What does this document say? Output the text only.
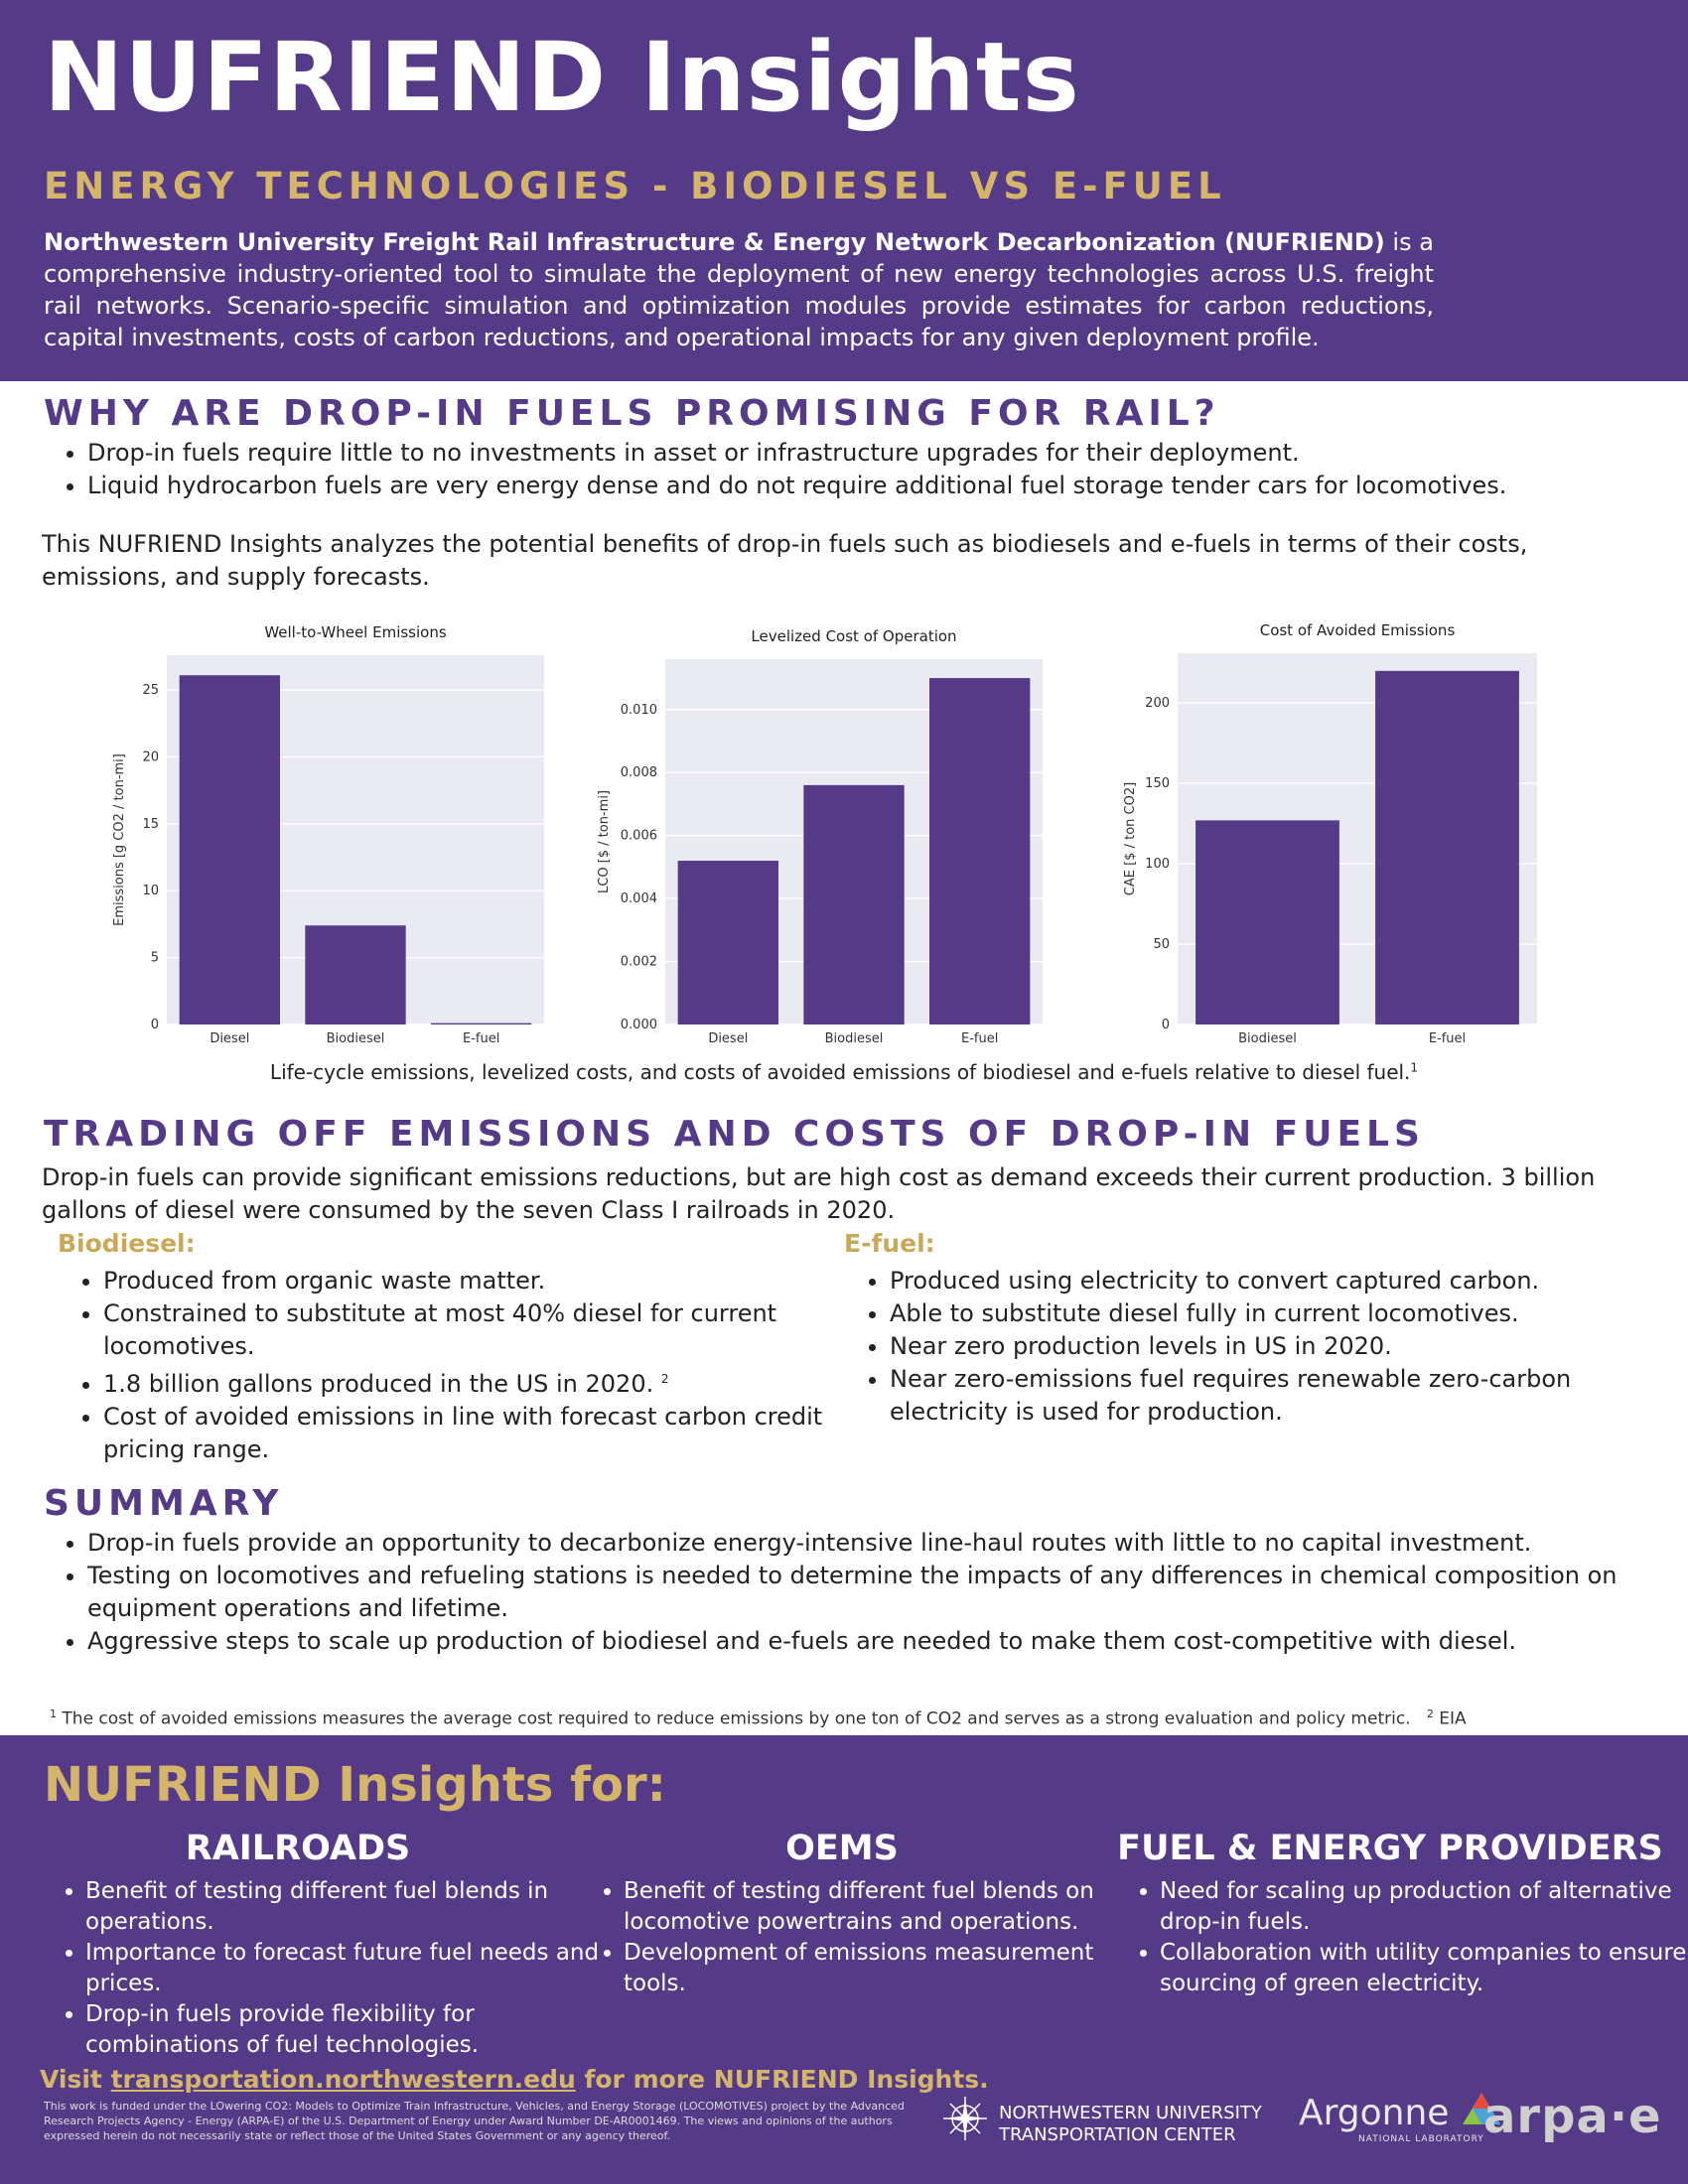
NUFRIEND Insights
ENERGY TECHNOLOGIES - BIODIESEL VS E-FUEL
Northwestern University Freight Rail Infrastructure & Energy Network Decarbonization (NUFRIEND) is a comprehensive industry-oriented tool to simulate the deployment of new energy technologies across U.S. freight rail networks. Scenario-specific simulation and optimization modules provide estimates for carbon reductions, capital investments, costs of carbon reductions, and operational impacts for any given deployment profile.
WHY ARE DROP-IN FUELS PROMISING FOR RAIL?
• Drop-in fuels require little to no investments in asset or infrastructure upgrades for their deployment.
• Liquid hydrocarbon fuels are very energy dense and do not require additional fuel storage tender cars for locomotives.
This NUFRIEND Insights analyzes the potential benefits of drop-in fuels such as biodiesels and e-fuels in terms of their costs, emissions, and supply forecasts.
Well-to-Wheel Emissions
0
5
10
15
20
25
Diesel	Biodiesel	E-fuel
Emissions [g CO2 / ton-mi]
Levelized Cost of Operation
0.000
0.002
0.004
0.006
0.008
0.010
Diesel	Biodiesel	E-fuel
LCO [$ / ton-mi]
Cost of Avoided Emissions
0
50
100
150
200
Biodiesel	E-fuel
CAE [$ / ton CO2]
Life-cycle emissions, levelized costs, and costs of avoided emissions of biodiesel and e-fuels relative to diesel fuel.$^1$
TRADING OFF EMISSIONS AND COSTS OF DROP-IN FUELS
Drop-in fuels can provide significant emissions reductions, but are high cost as demand exceeds their current production. 3 billion gallons of diesel were consumed by the seven Class I railroads in 2020.
Biodiesel:
• Produced from organic waste matter.
• Constrained to substitute at most 40% diesel for current locomotives.
• 1.8 billion gallons produced in the US in 2020. $^2$
• Cost of avoided emissions in line with forecast carbon credit pricing range.
E-fuel:
• Produced using electricity to convert captured carbon.
• Able to substitute diesel fully in current locomotives.
• Near zero production levels in US in 2020.
• Near zero-emissions fuel requires renewable zero-carbon electricity is used for production.
SUMMARY
• Drop-in fuels provide an opportunity to decarbonize energy-intensive line-haul routes with little to no capital investment.
• Testing on locomotives and refueling stations is needed to determine the impacts of any differences in chemical composition on equipment operations and lifetime.
• Aggressive steps to scale up production of biodiesel and e-fuels are needed to make them cost-competitive with diesel.
$^1$ The cost of avoided emissions measures the average cost required to reduce emissions by one ton of CO2 and serves as a strong evaluation and policy metric. $^2$ EIA
NUFRIEND Insights for:
RAILROADS
• Benefit of testing different fuel blends in operations.
• Importance to forecast future fuel needs and prices.
• Drop-in fuels provide flexibility for combinations of fuel technologies.
OEMS
• Benefit of testing different fuel blends on locomotive powertrains and operations.
• Development of emissions measurement tools.
FUEL & ENERGY PROVIDERS
• Need for scaling up production of alternative drop-in fuels.
• Collaboration with utility companies to ensure sourcing of green electricity.
Visit transportation.northwestern.edu for more NUFRIEND Insights.
This work is funded under the LOwering CO2: Models to Optimize Train Infrastructure, Vehicles, and Energy Storage (LOCOMOTIVES) project by the Advanced Research Projects Agency - Energy (ARPA-E) of the U.S. Department of Energy under Award Number DE-AR0001469. The views and opinions of the authors expressed herein do not necessarily state or reflect those of the United States Government or any agency thereof.
NORTHWESTERN UNIVERSITY
TRANSPORTATION CENTER
Argonne
NATIONAL LABORATORY arpa·e
